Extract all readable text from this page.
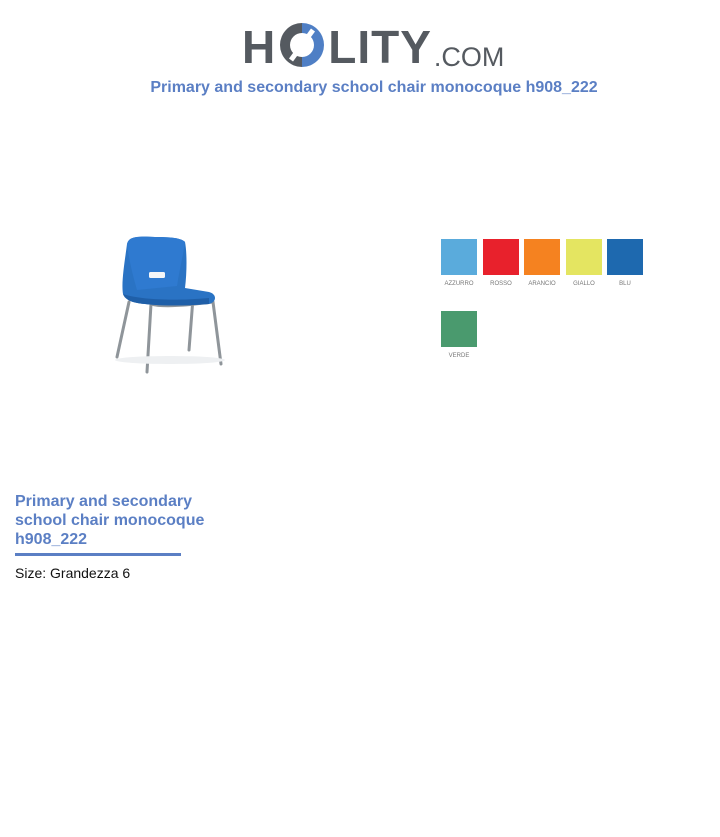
H LITY .COM
Primary and secondary school chair monocoque h908_222
AZZURRO	ROSSO	ARANCIO	GIALLO	BLU
VERDE
Primary and secondary school chair monocoque h908_222
Size: Grandezza 6
